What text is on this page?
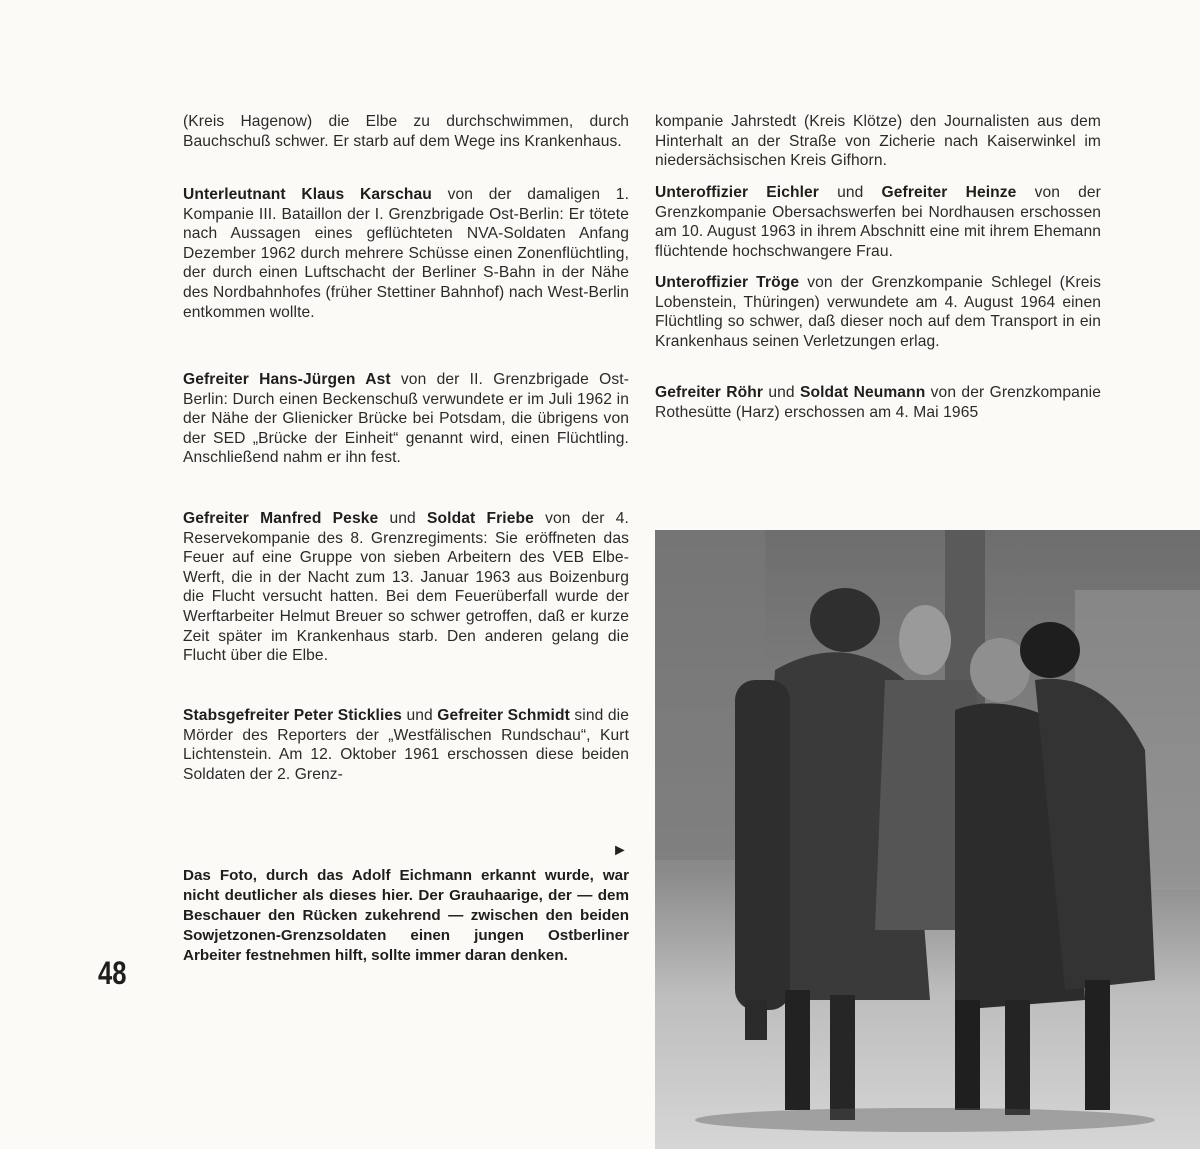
(Kreis Hagenow) die Elbe zu durchschwimmen, durch Bauchschuß schwer. Er starb auf dem Wege ins Krankenhaus.
Unterleutnant Klaus Karschau von der damaligen 1. Kompanie III. Bataillon der I. Grenzbrigade Ost-Berlin: Er tötete nach Aussagen eines geflüchteten NVA-Soldaten Anfang Dezember 1962 durch mehrere Schüsse einen Zonenflüchtling, der durch einen Luftschacht der Berliner S-Bahn in der Nähe des Nordbahnhofes (früher Stettiner Bahnhof) nach West-Berlin entkommen wollte.
Gefreiter Hans-Jürgen Ast von der II. Grenzbrigade Ost-Berlin: Durch einen Beckenschuß verwundete er im Juli 1962 in der Nähe der Glienicker Brücke bei Potsdam, die übrigens von der SED „Brücke der Einheit“ genannt wird, einen Flüchtling. Anschließend nahm er ihn fest.
Gefreiter Manfred Peske und Soldat Friebe von der 4. Reservekompanie des 8. Grenzregiments: Sie eröffneten das Feuer auf eine Gruppe von sieben Arbeitern des VEB Elbe-Werft, die in der Nacht zum 13. Januar 1963 aus Boizenburg die Flucht versucht hatten. Bei dem Feuerüberfall wurde der Werftarbeiter Helmut Breuer so schwer getroffen, daß er kurze Zeit später im Krankenhaus starb. Den anderen gelang die Flucht über die Elbe.
Stabsgefreiter Peter Sticklies und Gefreiter Schmidt sind die Mörder des Reporters der „Westfälischen Rundschau“, Kurt Lichtenstein. Am 12. Oktober 1961 erschossen diese beiden Soldaten der 2. Grenz-
kompanie Jahrstedt (Kreis Klötze) den Journalisten aus dem Hinterhalt an der Straße von Zicherie nach Kaiserwinkel im niedersächsischen Kreis Gifhorn.
Unteroffizier Eichler und Gefreiter Heinze von der Grenzkompanie Obersachswerfen bei Nordhausen erschossen am 10. August 1963 in ihrem Abschnitt eine mit ihrem Ehemann flüchtende hochschwangere Frau.
Unteroffizier Tröge von der Grenzkompanie Schlegel (Kreis Lobenstein, Thüringen) verwundete am 4. August 1964 einen Flüchtling so schwer, daß dieser noch auf dem Transport in ein Krankenhaus seinen Verletzungen erlag.
Gefreiter Röhr und Soldat Neumann von der Grenzkompanie Rothesütte (Harz) erschossen am 4. Mai 1965
►
Das Foto, durch das Adolf Eichmann erkannt wurde, war nicht deutlicher als dieses hier. Der Grauhaarige, der — dem Beschauer den Rücken zukehrend — zwischen den beiden Sowjetzonen-Grenzsoldaten einen jungen Ostberliner Arbeiter festnehmen hilft, sollte immer daran denken.
48
